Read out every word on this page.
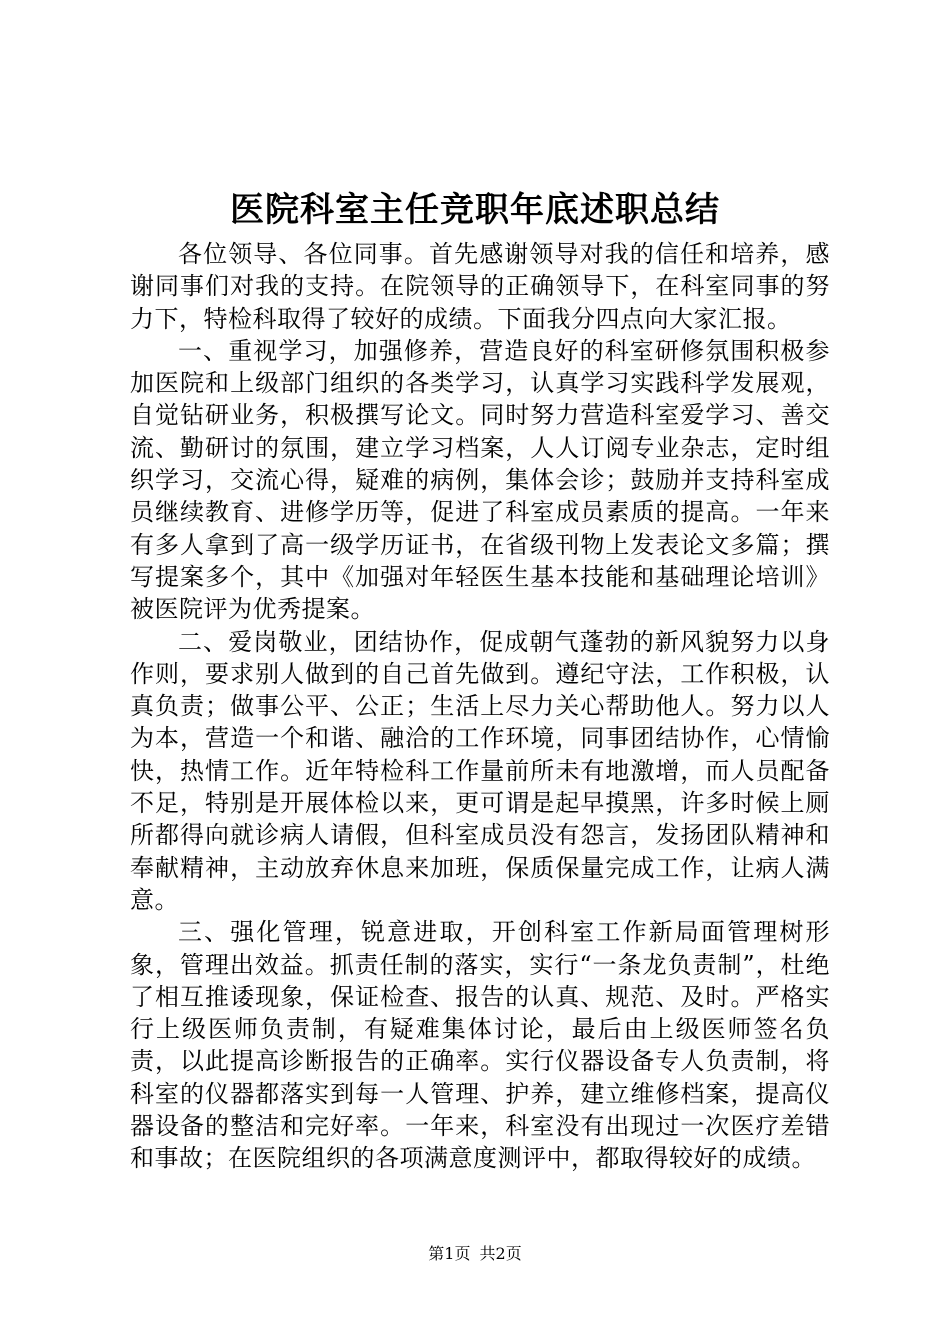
医院科室主任竞职年底述职总结

各位领导、各位同事。首先感谢领导对我的信任和培养，感谢同事们对我的支持。在院领导的正确领导下，在科室同事的努力下，特检科取得了较好的成绩。下面我分四点向大家汇报。

一、重视学习，加强修养，营造良好的科室研修氛围积极参加医院和上级部门组织的各类学习，认真学习实践科学发展观，自觉钻研业务，积极撰写论文。同时努力营造科室爱学习、善交流、勤研讨的氛围，建立学习档案，人人订阅专业杂志，定时组织学习，交流心得，疑难的病例，集体会诊；鼓励并支持科室成员继续教育、进修学历等，促进了科室成员素质的提高。一年来有多人拿到了高一级学历证书，在省级刊物上发表论文多篇；撰写提案多个，其中《加强对年轻医生基本技能和基础理论培训》被医院评为优秀提案。

二、爱岗敬业，团结协作，促成朝气蓬勃的新风貌努力以身作则，要求别人做到的自己首先做到。遵纪守法，工作积极，认真负责；做事公平、公正；生活上尽力关心帮助他人。努力以人为本，营造一个和谐、融洽的工作环境，同事团结协作，心情愉快，热情工作。近年特检科工作量前所未有地激增，而人员配备不足，特别是开展体检以来，更可谓是起早摸黑，许多时候上厕所都得向就诊病人请假，但科室成员没有怨言，发扬团队精神和奉献精神，主动放弃休息来加班，保质保量完成工作，让病人满意。

三、强化管理，锐意进取，开创科室工作新局面管理树形象，管理出效益。抓责任制的落实，实行“一条龙负责制”，杜绝了相互推诿现象，保证检查、报告的认真、规范、及时。严格实行上级医师负责制，有疑难集体讨论，最后由上级医师签名负责，以此提高诊断报告的正确率。实行仪器设备专人负责制，将科室的仪器都落实到每一人管理、护养，建立维修档案，提高仪器设备的整洁和完好率。一年来，科室没有出现过一次医疗差错和事故；在医院组织的各项满意度测评中，都取得较好的成绩。

第1页 共2页
